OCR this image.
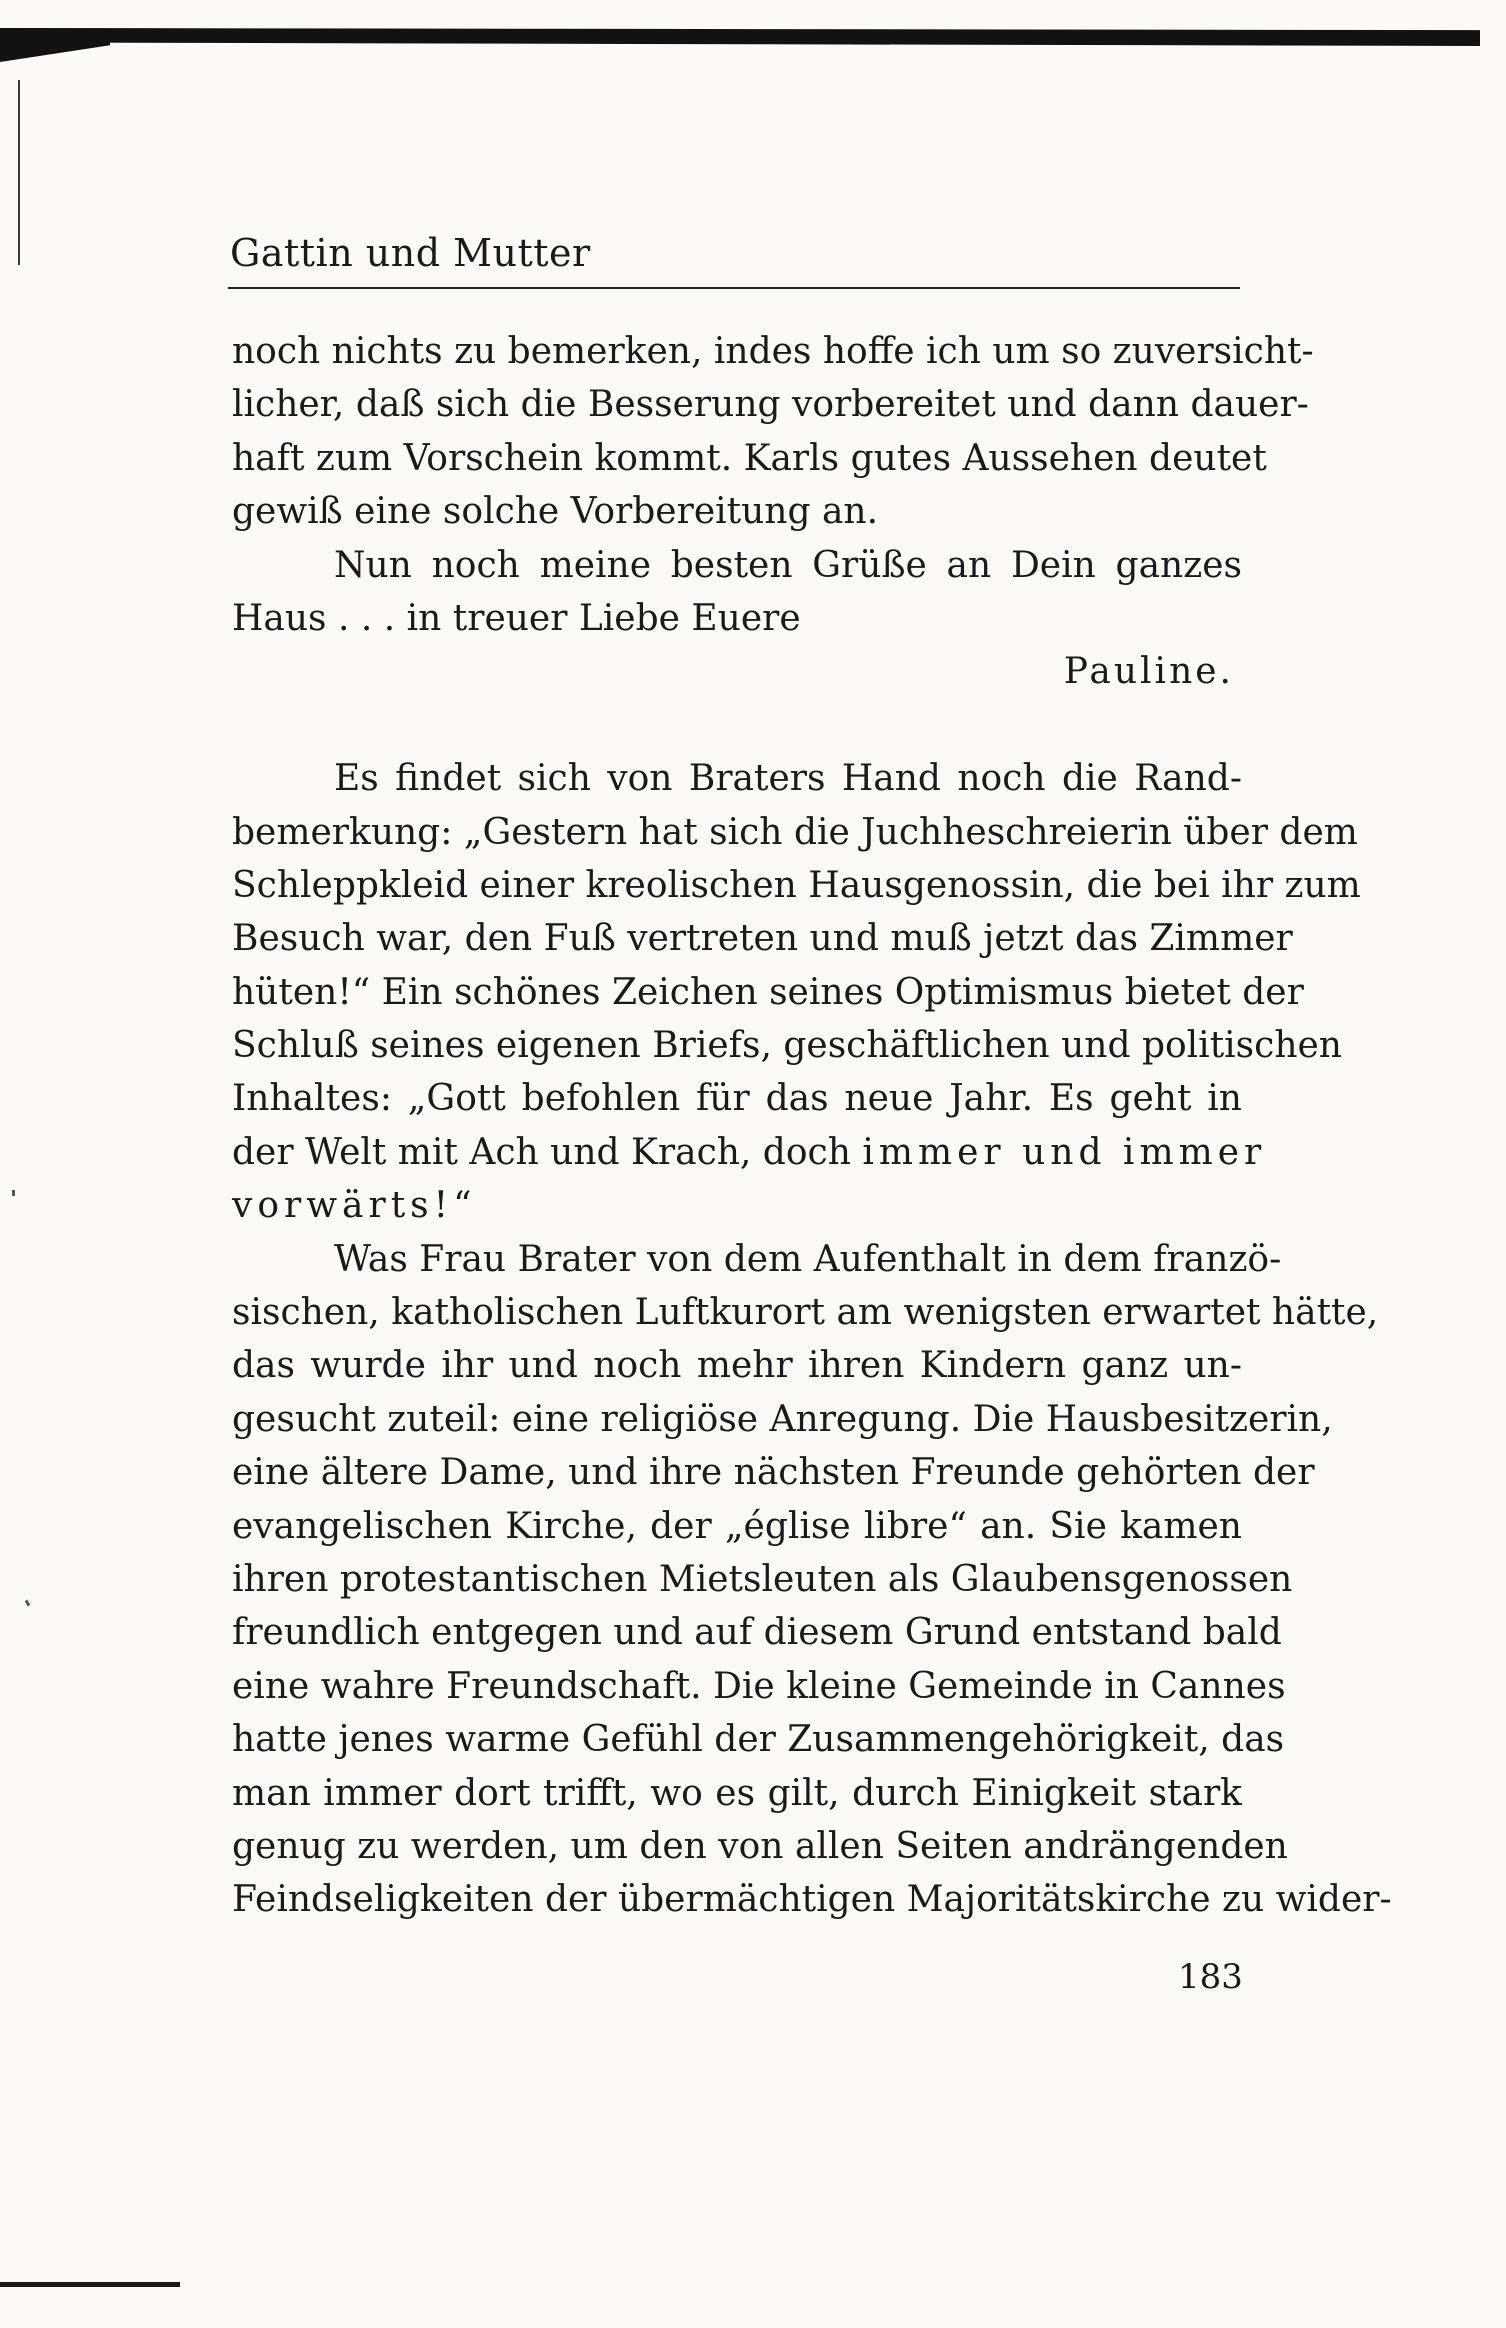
Gattin und Mutter
noch nichts zu bemerken, indes hoffe ich um so zuversicht-
licher, daß sich die Besserung vorbereitet und dann dauer-
haft zum Vorschein kommt. Karls gutes Aussehen deutet
gewiß eine solche Vorbereitung an.
Nun noch meine besten Grüße an Dein ganzes
Haus . . . in treuer Liebe Euere
Pauline.
Es findet sich von Braters Hand noch die Rand-
bemerkung: „Gestern hat sich die Juchheschreierin über dem
Schleppkleid einer kreolischen Hausgenossin, die bei ihr zum
Besuch war, den Fuß vertreten und muß jetzt das Zimmer
hüten!“ Ein schönes Zeichen seines Optimismus bietet der
Schluß seines eigenen Briefs, geschäftlichen und politischen
Inhaltes: „Gott befohlen für das neue Jahr. Es geht in
der Welt mit Ach und Krach, doch immer und immer
vorwärts!“
Was Frau Brater von dem Aufenthalt in dem franzö-
sischen, katholischen Luftkurort am wenigsten erwartet hätte,
das wurde ihr und noch mehr ihren Kindern ganz un-
gesucht zuteil: eine religiöse Anregung. Die Hausbesitzerin,
eine ältere Dame, und ihre nächsten Freunde gehörten der
evangelischen Kirche, der „église libre“ an. Sie kamen
ihren protestantischen Mietsleuten als Glaubensgenossen
freundlich entgegen und auf diesem Grund entstand bald
eine wahre Freundschaft. Die kleine Gemeinde in Cannes
hatte jenes warme Gefühl der Zusammengehörigkeit, das
man immer dort trifft, wo es gilt, durch Einigkeit stark
genug zu werden, um den von allen Seiten andrängenden
Feindseligkeiten der übermächtigen Majoritätskirche zu wider-
183
